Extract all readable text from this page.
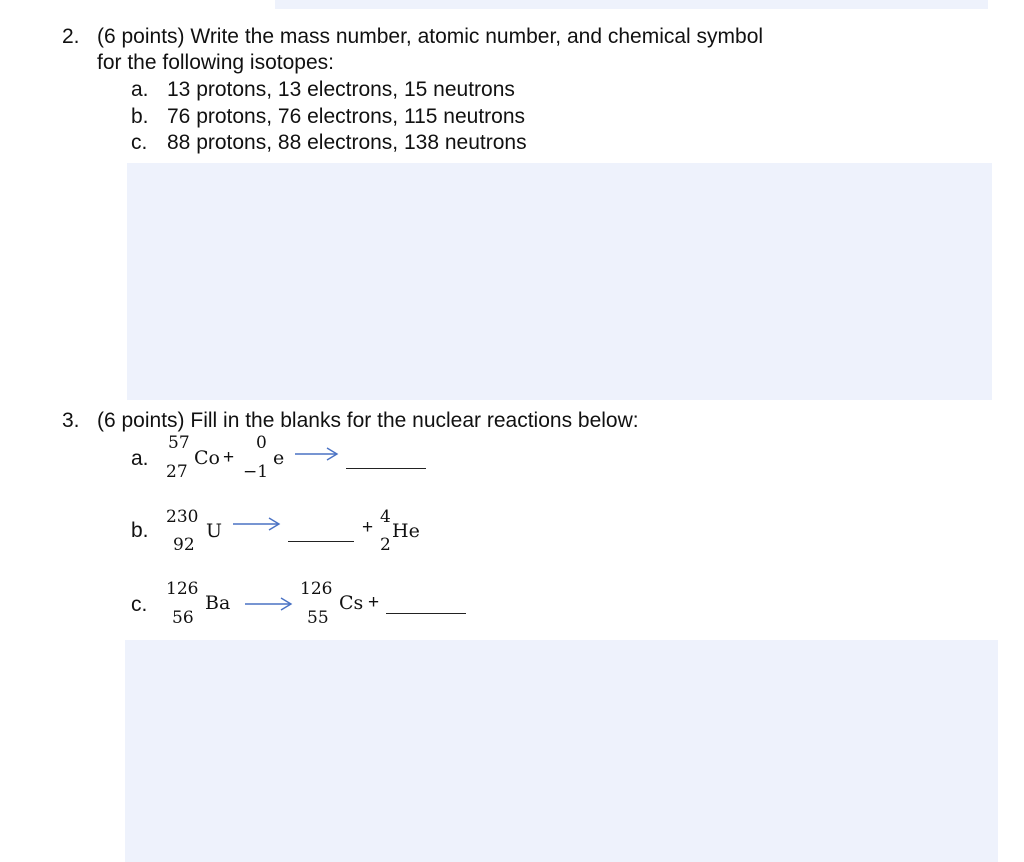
2. (6 points) Write the mass number, atomic number, and chemical symbol
for the following isotopes:
a. 13 protons, 13 electrons, 15 neutrons
b. 76 protons, 76 electrons, 115 neutrons
c. 88 protons, 88 electrons, 138 neutrons
3. (6 points) Fill in the blanks for the nuclear reactions below:
a.
57
Co
27
+
0
e
−1
b.
230
U
92
+ 4
He
2
c.
126
Ba
56
126
Cs
55
+
